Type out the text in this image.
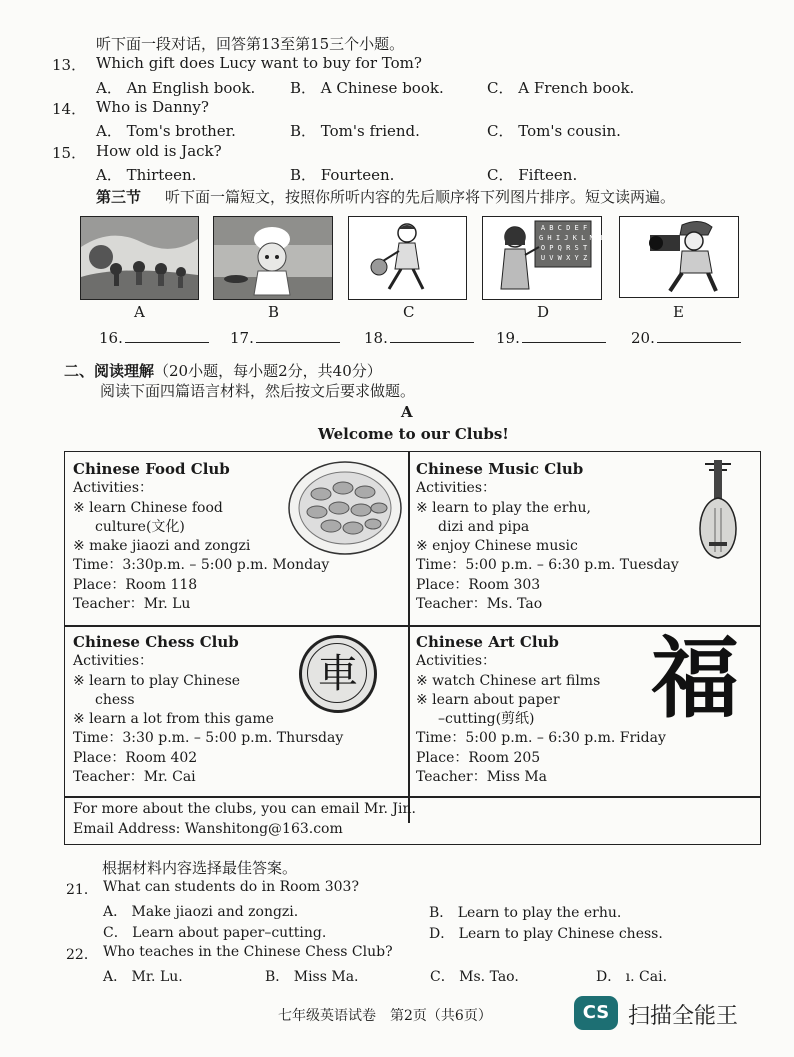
听下面一段对话，回答第13至第15三个小题。
13． Which gift does Lucy want to buy for Tom?
A． An English book. B． A Chinese book.	C． A French book.
14． Who is Danny?
A． Tom's brother.	B． Tom's friend.	C． Tom's cousin.
15． How old is Jack?
A． Thirteen.	B． Fourteen.	C． Fifteen.
第三节 听下面一篇短文，按照你所听内容的先后顺序将下列图片排序。短文读两遍。
A	B	C
A B C D E F
G H I J K L M N
O P Q R S T
U V W X Y Z
D	E
16.	17.	18.	19.	20.
二、阅读理解（20小题，每小题2分，共40分）
阅读下面四篇语言材料，然后按文后要求做题。
A
Welcome to our Clubs!
Chinese Food Club
Activities：
※ learn Chinese food
culture(文化)
※ make jiaozi and zongzi
Time：3:30p.m. – 5:00 p.m. Monday
Place：Room 118
Teacher：Mr. Lu
Chinese Music Club
Activities：
※ learn to play the erhu,
dizi and pipa
※ enjoy Chinese music
Time：5:00 p.m. – 6:30 p.m. Tuesday
Place：Room 303
Teacher：Ms. Tao
Chinese Chess Club
Activities：
※ learn to play Chinese
chess
※ learn a lot from this game
Time：3:30 p.m. – 5:00 p.m. Thursday
Place：Room 402
Teacher：Mr. Cai
車
Chinese Art Club
Activities：
※ watch Chinese art films
※ learn about paper
–cutting(剪纸)
Time：5:00 p.m. – 6:30 p.m. Friday
Place：Room 205
Teacher：Miss Ma
福
For more about the clubs, you can email Mr. Jin.
Email Address: Wanshitong@163.com
根据材料内容选择最佳答案。
21． What can students do in Room 303?
A． Make jiaozi and zongzi.	B． Learn to play the erhu.
C． Learn about paper–cutting.	D． Learn to play Chinese chess.
22． Who teaches in the Chinese Chess Club?
A． Mr. Lu.	B． Miss Ma.	C． Ms. Tao.	D． ı. Cai.
七年级英语试卷　第2页（共6页）	CS 扫描全能王
